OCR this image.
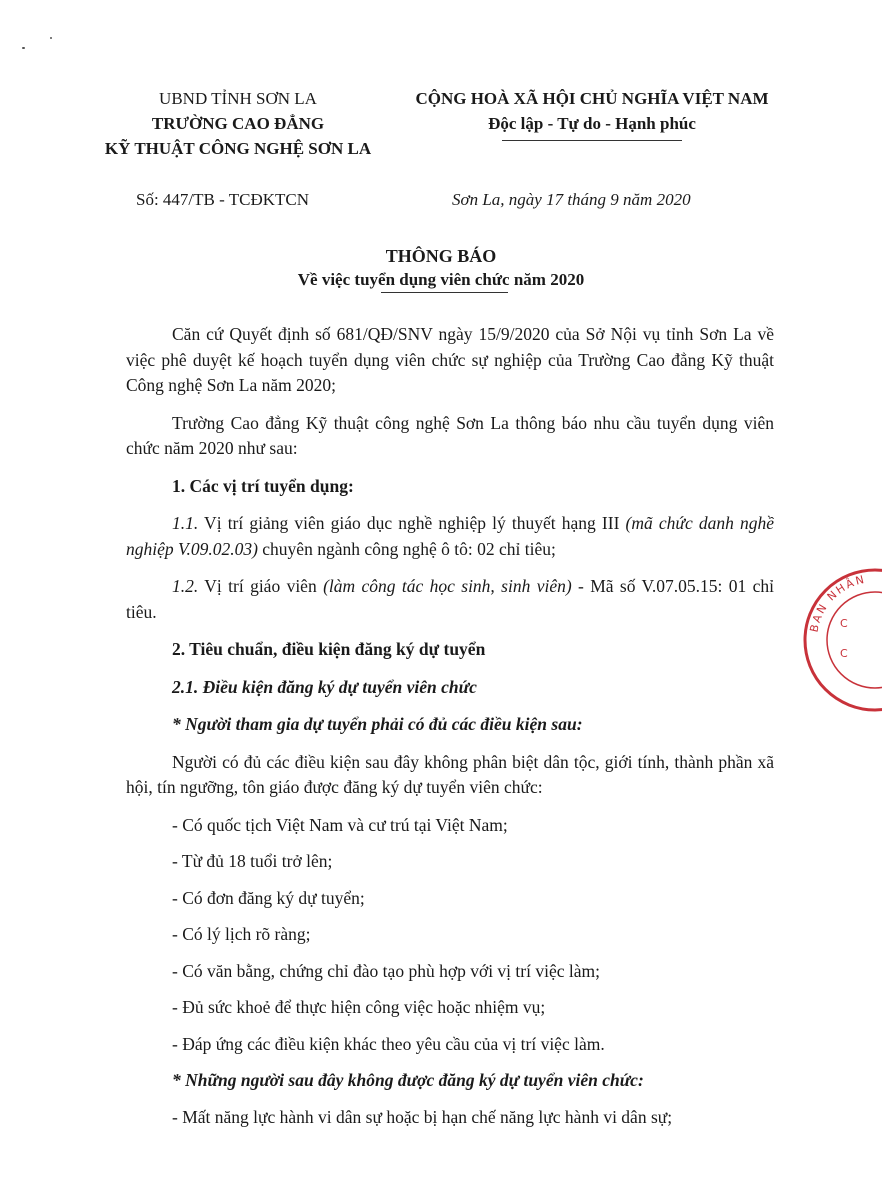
UBND TỈNH SƠN LA
TRƯỜNG CAO ĐẲNG
KỸ THUẬT CÔNG NGHỆ SƠN LA
CỘNG HOÀ XÃ HỘI CHỦ NGHĨA VIỆT NAM
Độc lập - Tự do - Hạnh phúc
Số: 447/TB - TCĐKTCN	Sơn La, ngày 17 tháng 9 năm 2020
THÔNG BÁO
Về việc tuyển dụng viên chức năm 2020

Căn cứ Quyết định số 681/QĐ/SNV ngày 15/9/2020 của Sở Nội vụ tỉnh Sơn La về việc phê duyệt kế hoạch tuyển dụng viên chức sự nghiệp của Trường Cao đẳng Kỹ thuật Công nghệ Sơn La năm 2020;

Trường Cao đẳng Kỹ thuật công nghệ Sơn La thông báo nhu cầu tuyển dụng viên chức năm 2020 như sau:

1. Các vị trí tuyển dụng:

1.1. Vị trí giảng viên giáo dục nghề nghiệp lý thuyết hạng III (mã chức danh nghề nghiệp V.09.02.03) chuyên ngành công nghệ ô tô: 02 chỉ tiêu;

1.2. Vị trí giáo viên (làm công tác học sinh, sinh viên) - Mã số V.07.05.15: 01 chỉ tiêu.

2. Tiêu chuẩn, điều kiện đăng ký dự tuyển

2.1. Điều kiện đăng ký dự tuyển viên chức

* Người tham gia dự tuyển phải có đủ các điều kiện sau:

Người có đủ các điều kiện sau đây không phân biệt dân tộc, giới tính, thành phần xã hội, tín ngưỡng, tôn giáo được đăng ký dự tuyển viên chức:

- Có quốc tịch Việt Nam và cư trú tại Việt Nam;

- Từ đủ 18 tuổi trở lên;

- Có đơn đăng ký dự tuyển;

- Có lý lịch rõ ràng;

- Có văn bằng, chứng chỉ đào tạo phù hợp với vị trí việc làm;

- Đủ sức khoẻ để thực hiện công việc hoặc nhiệm vụ;

- Đáp ứng các điều kiện khác theo yêu cầu của vị trí việc làm.

* Những người sau đây không được đăng ký dự tuyển viên chức:

- Mất năng lực hành vi dân sự hoặc bị hạn chế năng lực hành vi dân sự;

BAN NHÂN
C
C
